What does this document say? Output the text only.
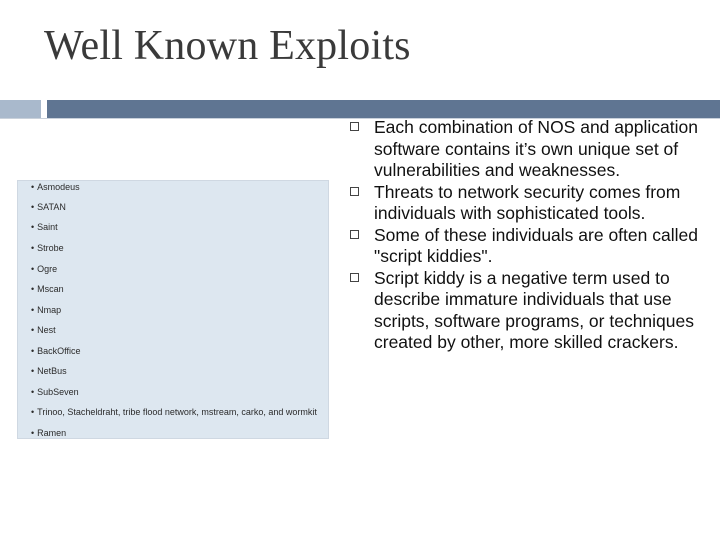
Well Known Exploits
• Asmodeus
• SATAN
• Saint
• Strobe
• Ogre
• Mscan
• Nmap
• Nest
• BackOffice
• NetBus
• SubSeven
• Trinoo, Stacheldraht, tribe flood network, mstream, carko, and wormkit
• Ramen
Each combination of NOS and application software contains it’s own unique set of vulnerabilities and weaknesses.
Threats to network security comes from individuals with sophisticated tools.
Some of these individuals are often called "script kiddies".
Script kiddy is a negative term used to describe immature individuals that use scripts, software programs, or techniques created by other, more skilled crackers.
